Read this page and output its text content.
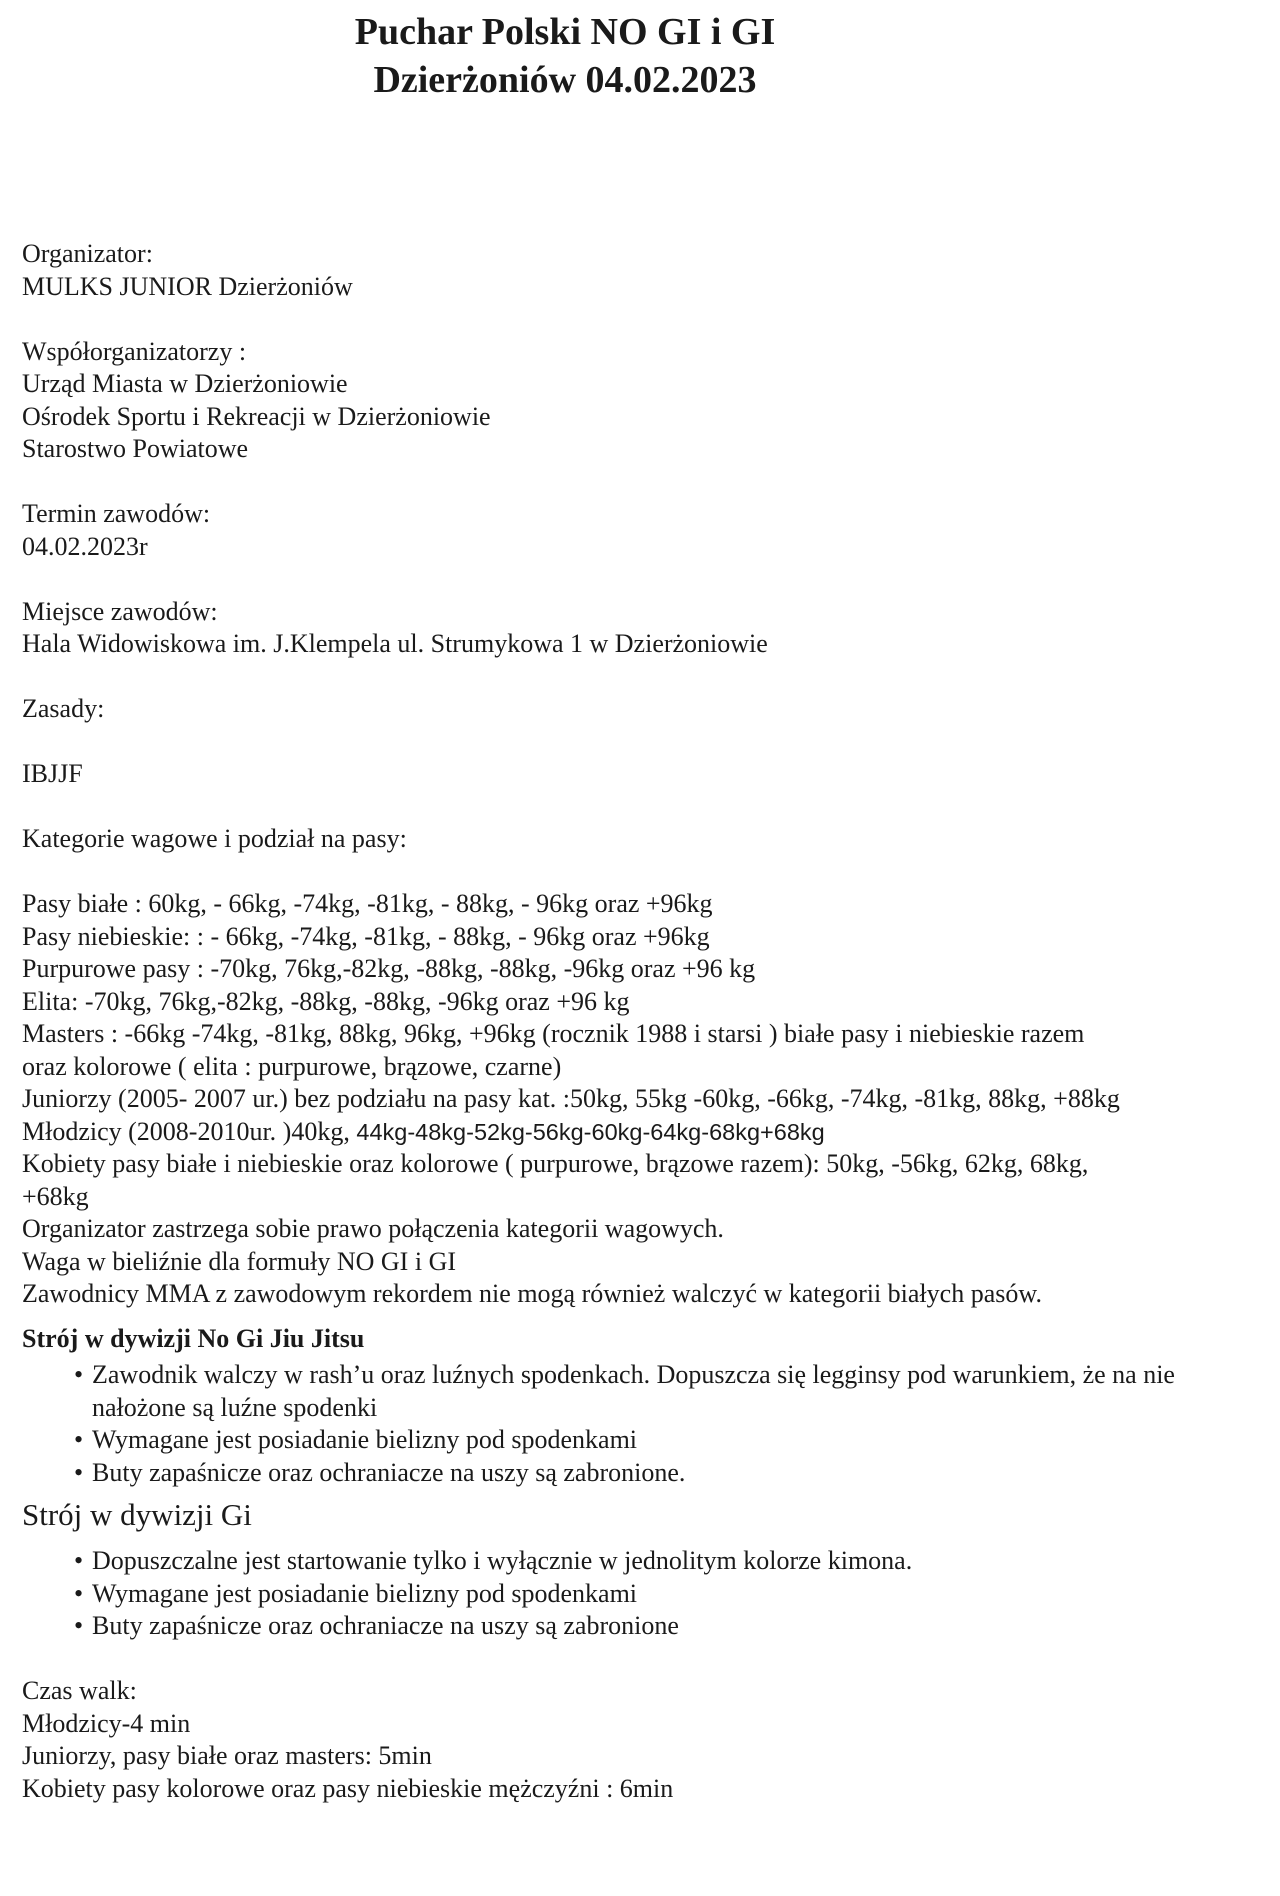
Puchar Polski NO GI i GI
Dzierżoniów 04.02.2023
Organizator:
MULKS JUNIOR Dzierżoniów
Współorganizatorzy :
Urząd Miasta w Dzierżoniowie
Ośrodek Sportu i Rekreacji w Dzierżoniowie
Starostwo Powiatowe
Termin zawodów:
04.02.2023r
Miejsce zawodów:
Hala Widowiskowa im. J.Klempela ul. Strumykowa 1 w Dzierżoniowie
Zasady:
IBJJF
Kategorie wagowe i podział na pasy:
Pasy białe : 60kg, - 66kg, -74kg, -81kg, - 88kg, - 96kg oraz +96kg
Pasy niebieskie: : - 66kg, -74kg, -81kg, - 88kg, - 96kg oraz +96kg
Purpurowe pasy : -70kg, 76kg,-82kg, -88kg, -88kg, -96kg oraz +96 kg
Elita: -70kg, 76kg,-82kg, -88kg, -88kg, -96kg oraz +96 kg
Masters : -66kg -74kg, -81kg, 88kg, 96kg, +96kg (rocznik 1988 i starsi ) białe pasy i niebieskie razem
oraz kolorowe ( elita : purpurowe, brązowe, czarne)
Juniorzy (2005- 2007 ur.) bez podziału na pasy kat. :50kg, 55kg -60kg, -66kg, -74kg, -81kg, 88kg, +88kg
Młodzicy (2008-2010ur. )40kg, 44kg-48kg-52kg-56kg-60kg-64kg-68kg+68kg
Kobiety pasy białe i niebieskie oraz kolorowe ( purpurowe, brązowe razem): 50kg, -56kg, 62kg, 68kg,
+68kg
Organizator zastrzega sobie prawo połączenia kategorii wagowych.
Waga w bieliźnie dla formuły NO GI i GI
Zawodnicy MMA z zawodowym rekordem nie mogą również walczyć w kategorii białych pasów.
Strój w dywizji No Gi Jiu Jitsu
• Zawodnik walczy w rash’u oraz luźnych spodenkach. Dopuszcza się legginsy pod warunkiem, że na nie nałożone są luźne spodenki
• Wymagane jest posiadanie bielizny pod spodenkami
• Buty zapaśnicze oraz ochraniacze na uszy są zabronione.
Strój w dywizji Gi
• Dopuszczalne jest startowanie tylko i wyłącznie w jednolitym kolorze kimona.
• Wymagane jest posiadanie bielizny pod spodenkami
• Buty zapaśnicze oraz ochraniacze na uszy są zabronione
Czas walk:
Młodzicy-4 min
Juniorzy, pasy białe oraz masters: 5min
Kobiety pasy kolorowe oraz pasy niebieskie mężczyźni : 6min
